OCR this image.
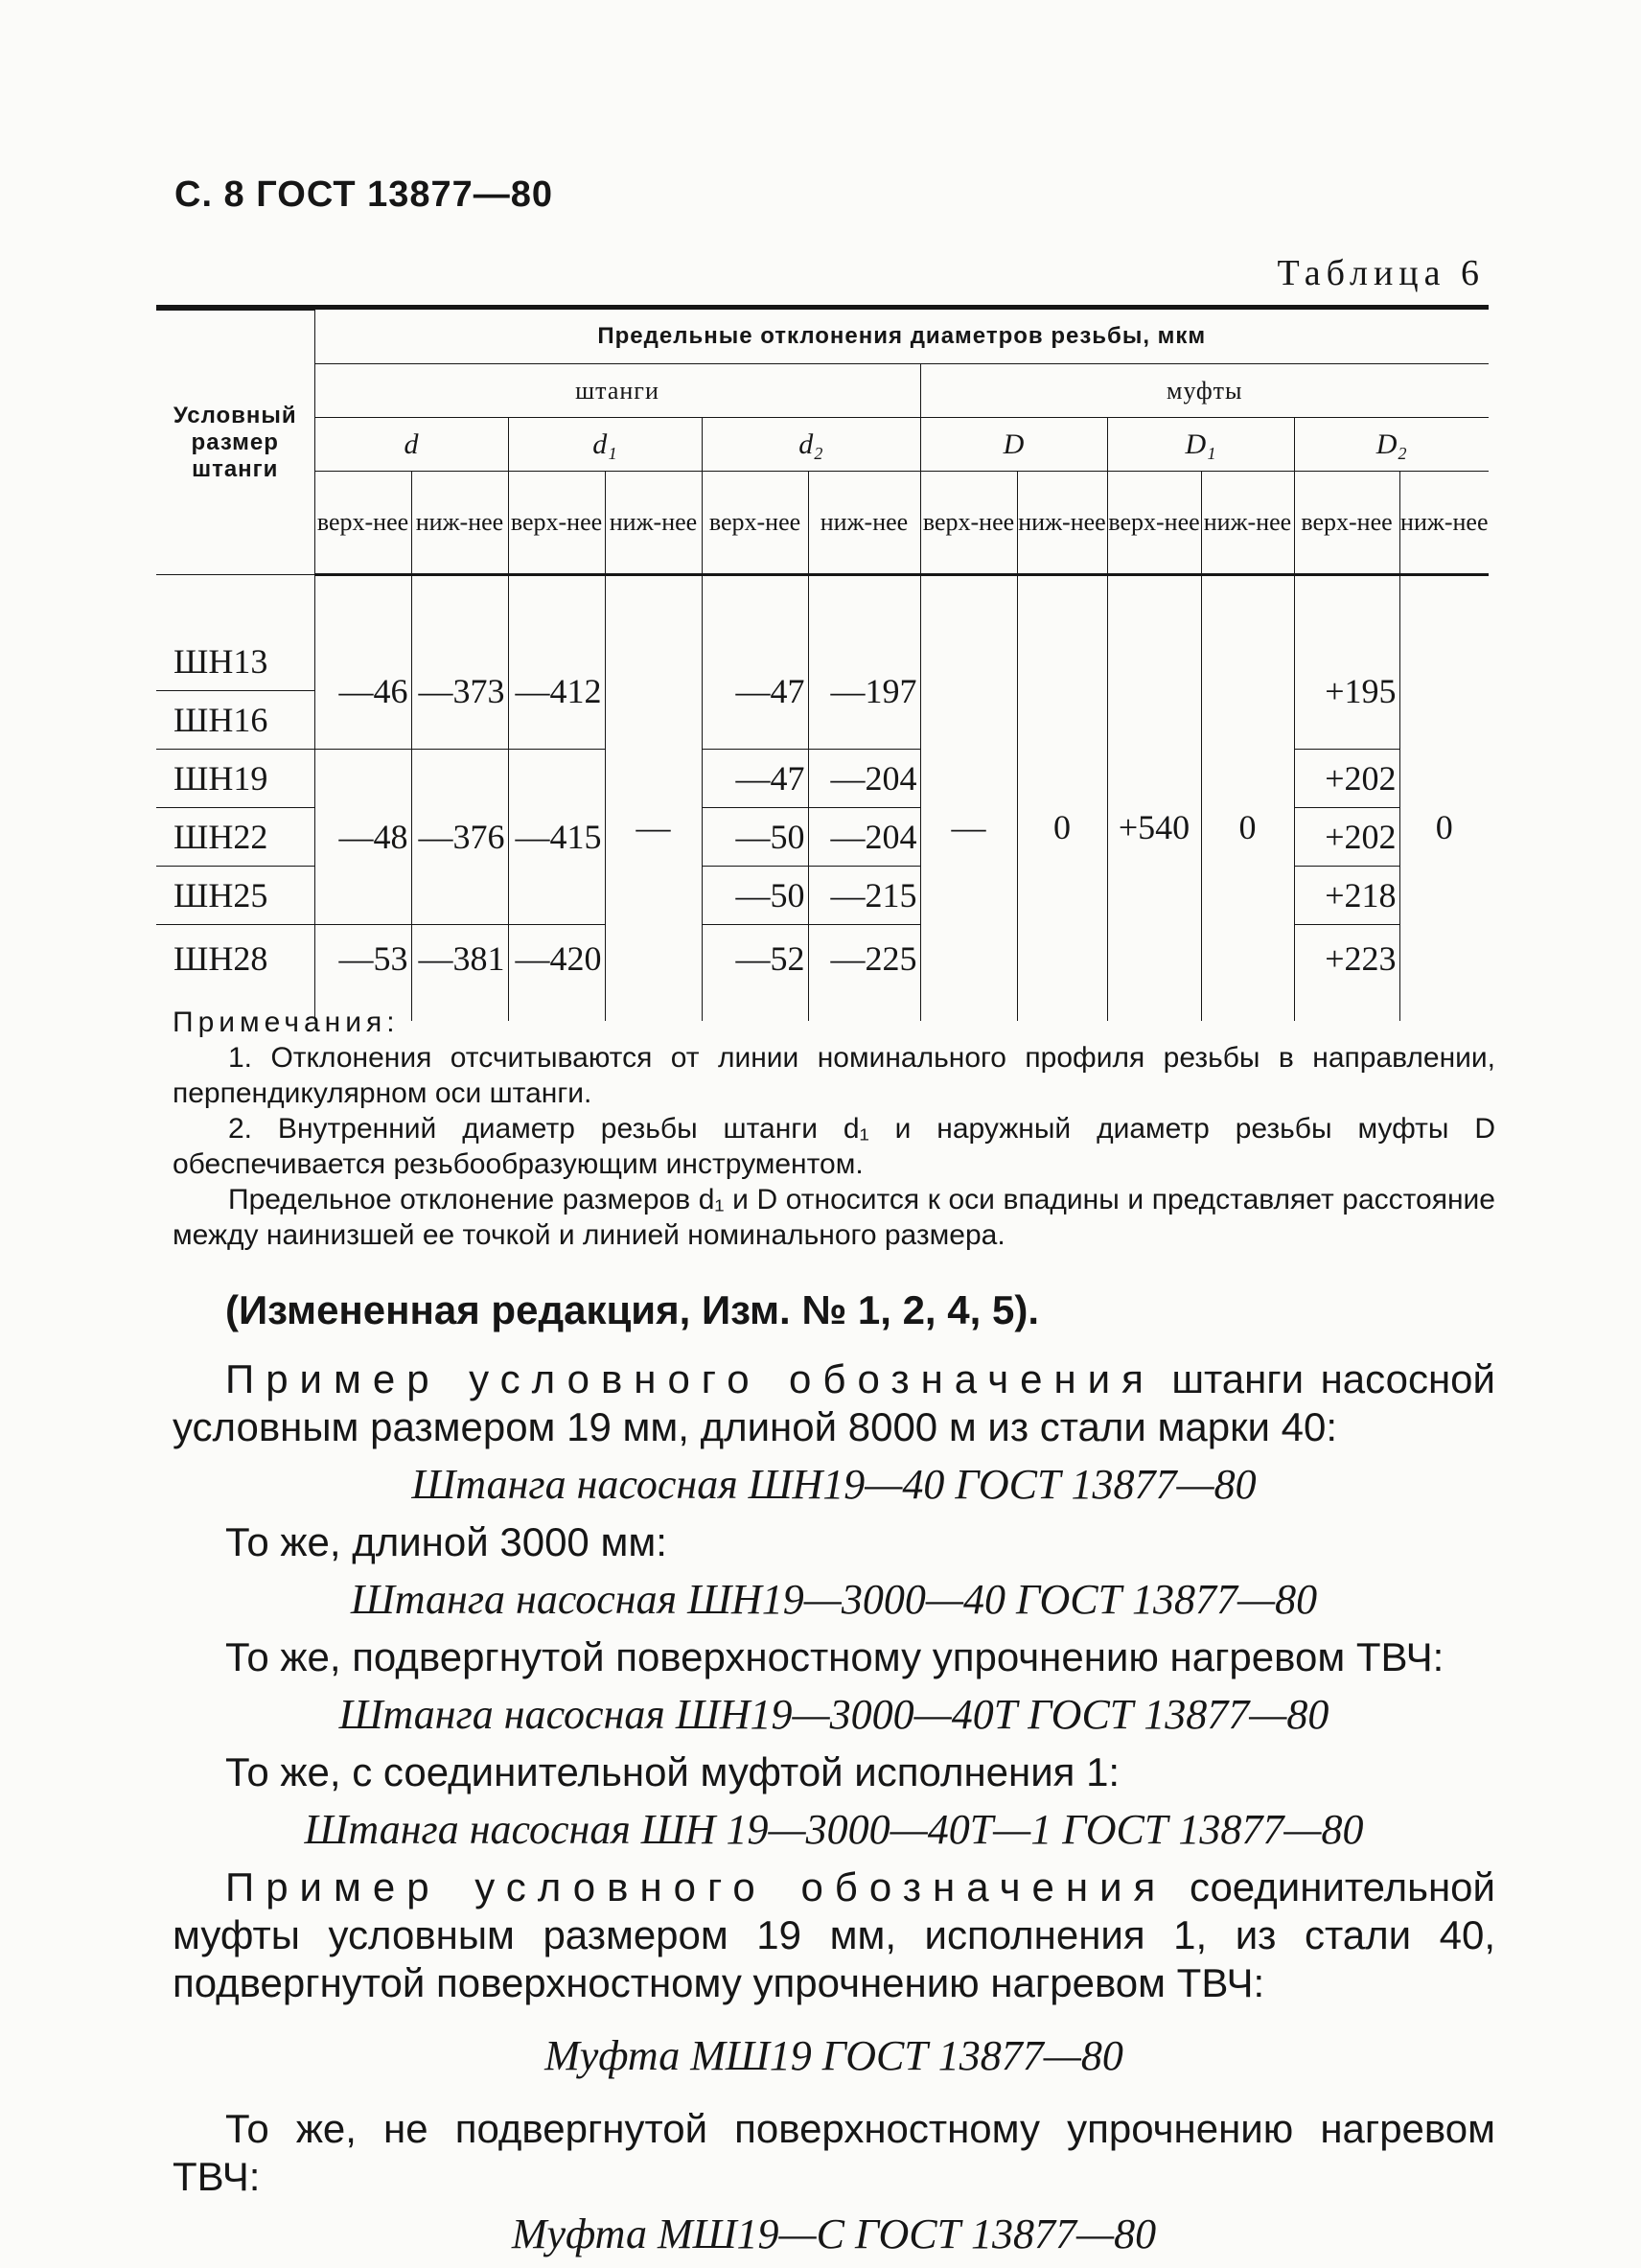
С. 8 ГОСТ 13877—80
Таблица 6
Условный размер штанги	Предельные отклонения диаметров резьбы, мкм											
	штанги						муфты					
	d		d₁		d₂		D		D₁		D₂	
	верх-нее	ниж-нее	верх-нее	ниж-нее	верх-нее	ниж-нее	верх-нее	ниж-нее	верх-нее	ниж-нее	верх-нее	ниж-нее
ШН13	—46	—373	—412	—	—47	—197	—	0	+540	0	+195	0
ШН16												
ШН19	—48	—376	—415		—47	—204					+202	
ШН22					—50	—204					+202	
ШН25					—50	—215					+218	
ШН28	—53	—381	—420		—52	—225					+223	

Примечания:

1. Отклонения отсчитываются от линии номинального профиля резьбы в направлении, перпендикулярном оси штанги.

2. Внутренний диаметр резьбы штанги d₁ и наружный диаметр резьбы муфты D обеспечивается резьбообразующим инструментом.

Предельное отклонение размеров d₁ и D относится к оси впадины и представляет расстояние между наинизшей ее точкой и линией номинального размера.

(Измененная редакция, Изм. № 1, 2, 4, 5).

Пример условного обозначения штанги насосной условным размером 19 мм, длиной 8000 м из стали марки 40:

Штанга насосная ШН19—40 ГОСТ 13877—80

То же, длиной 3000 мм:

Штанга насосная ШН19—3000—40 ГОСТ 13877—80

То же, подвергнутой поверхностному упрочнению нагревом ТВЧ:

Штанга насосная ШН19—3000—40Т ГОСТ 13877—80

То же, с соединительной муфтой исполнения 1:

Штанга насосная ШН 19—3000—40Т—1 ГОСТ 13877—80

Пример условного обозначения соединительной муфты условным размером 19 мм, исполнения 1, из стали 40, подвергнутой поверхностному упрочнению нагревом ТВЧ:

Муфта МШ19 ГОСТ 13877—80

То же, не подвергнутой поверхностному упрочнению нагревом ТВЧ:

Муфта МШ19—С ГОСТ 13877—80
